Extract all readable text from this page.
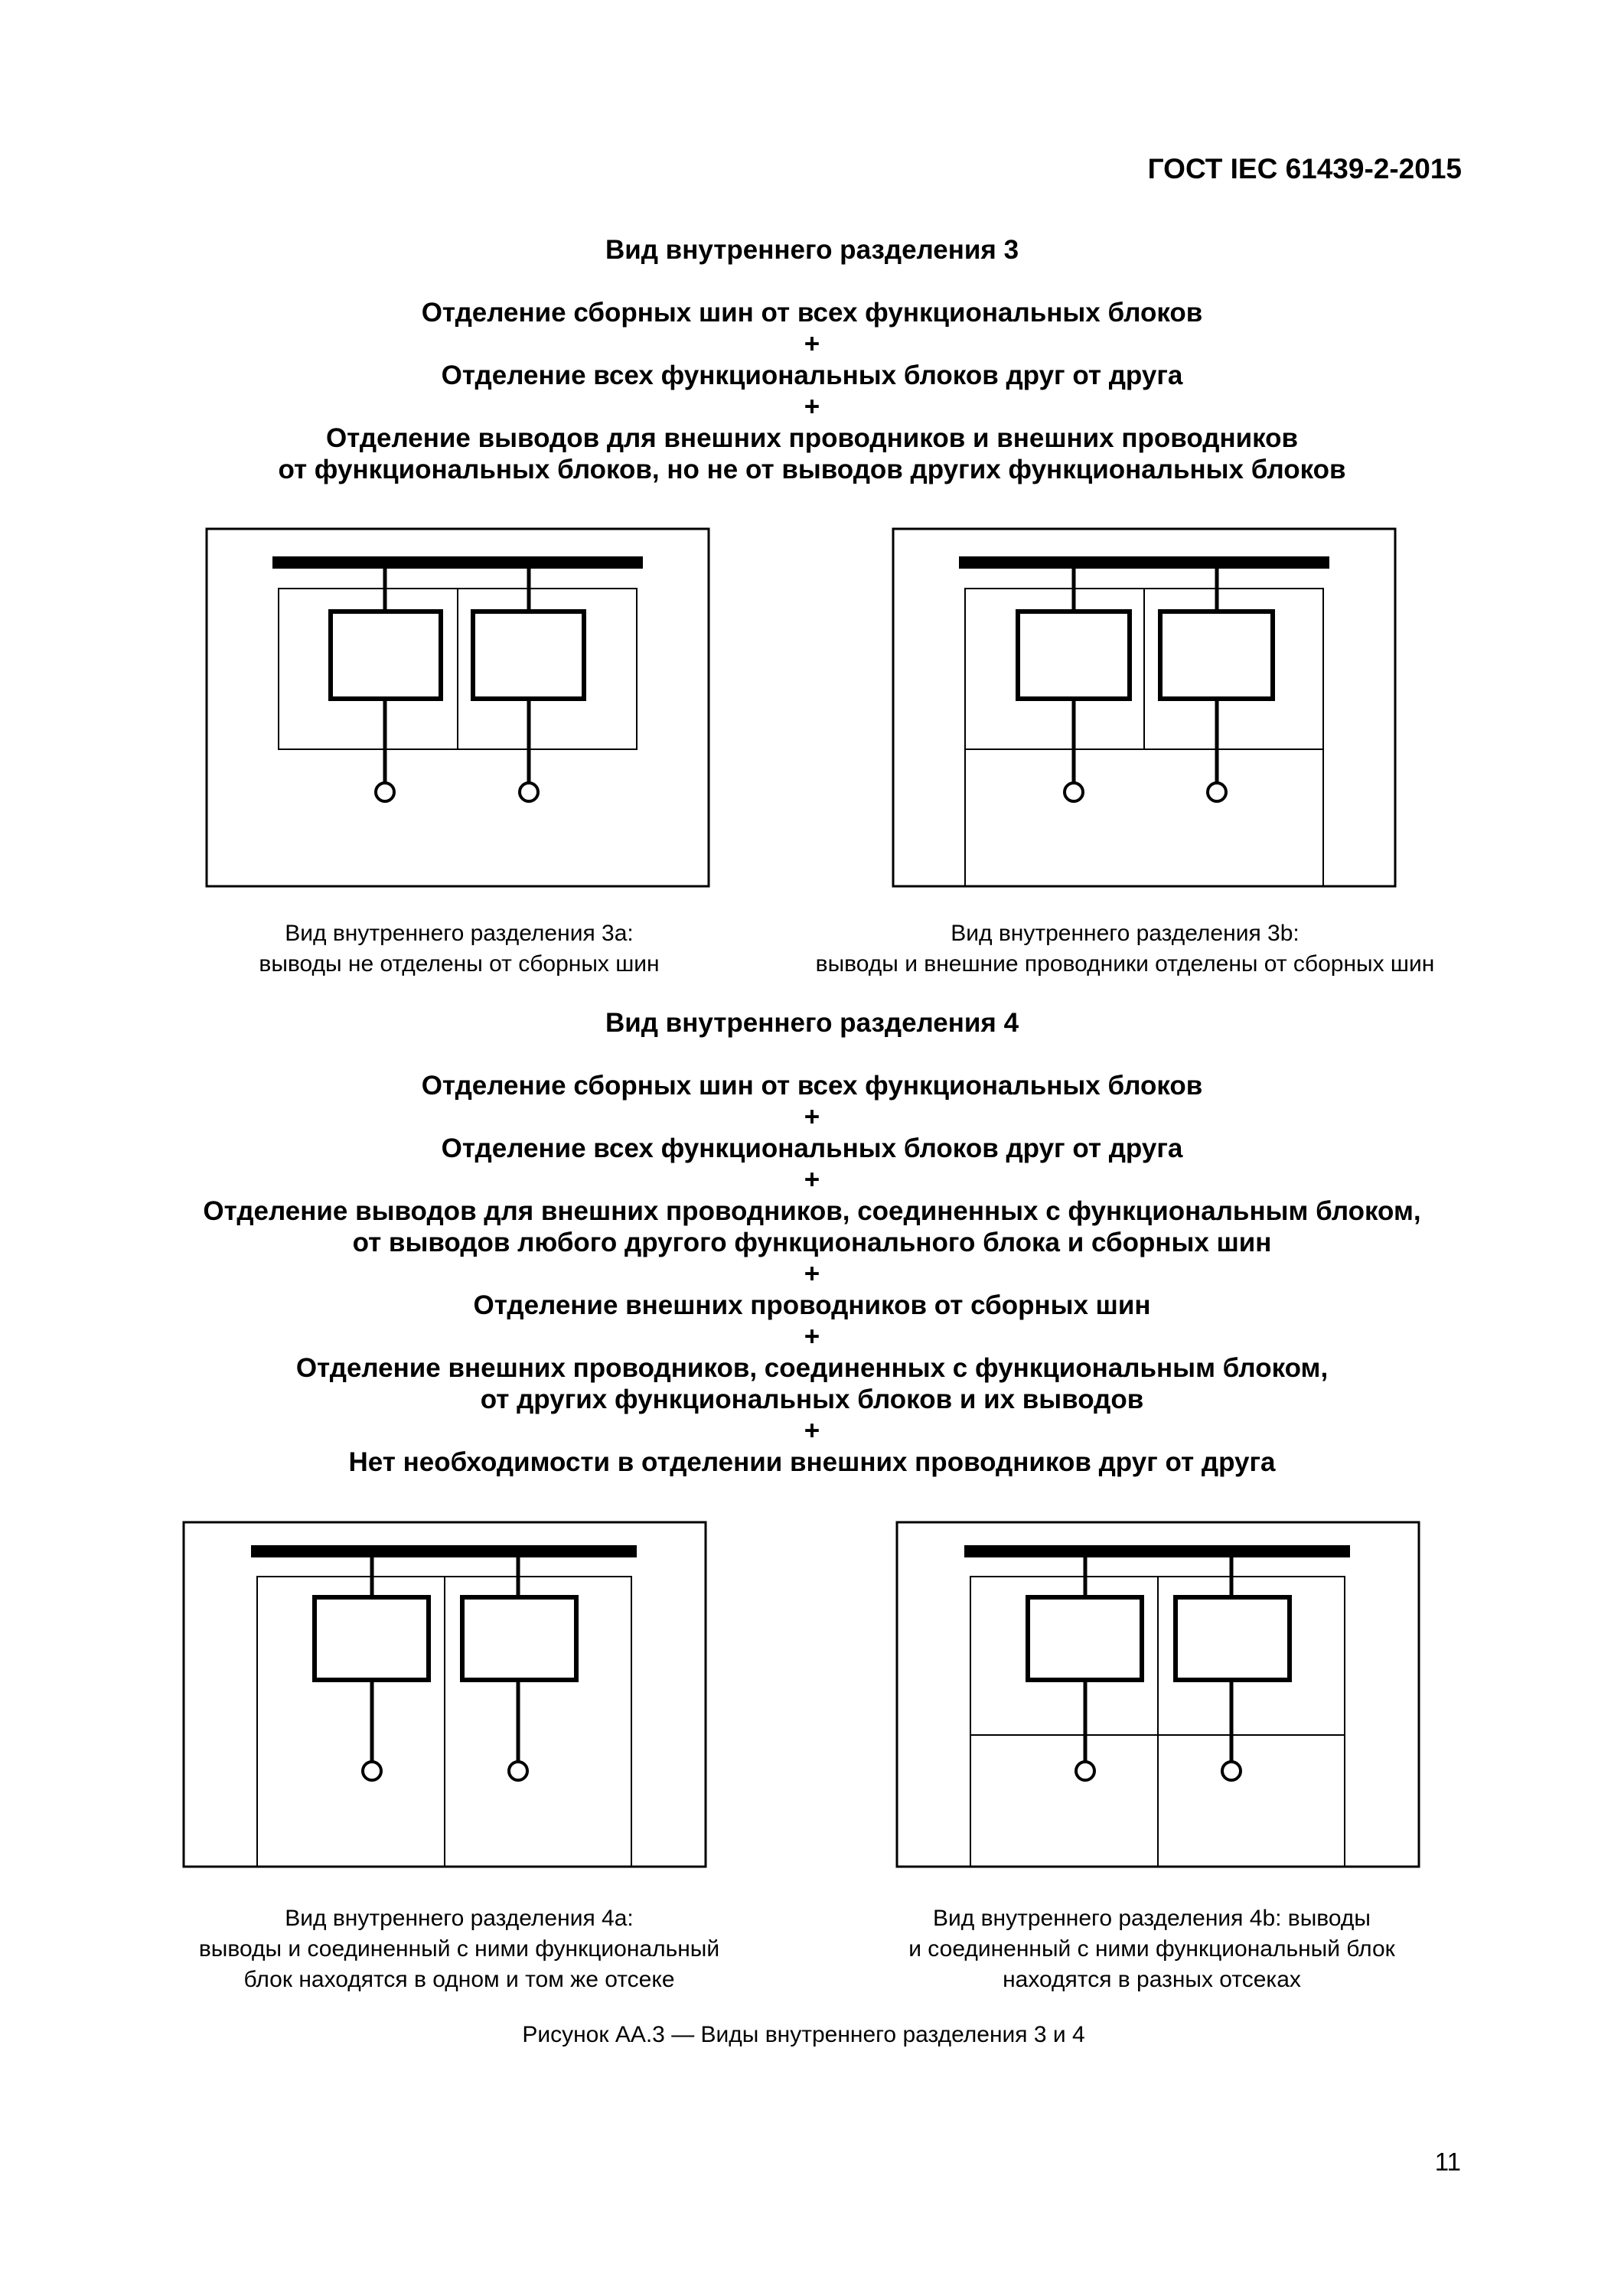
ГОСТ IEC 61439-2-2015
Вид внутреннего разделения 3
Отделение сборных шин от всех функциональных блоков
+
Отделение всех функциональных блоков друг от друга
+
Отделение выводов для внешних проводников и внешних проводников
от функциональных блоков, но не от выводов других функциональных блоков
Вид внутреннего разделения 3а:
выводы не отделены от сборных шин
Вид внутреннего разделения 3b:
выводы и внешние проводники отделены от сборных шин
Вид внутреннего разделения 4
Отделение сборных шин от всех функциональных блоков
+
Отделение всех функциональных блоков друг от друга
+
Отделение выводов для внешних проводников, соединенных с функциональным блоком,
от выводов любого другого функционального блока и сборных шин
+
Отделение внешних проводников от сборных шин
+
Отделение внешних проводников, соединенных с функциональным блоком,
от других функциональных блоков и их выводов
+
Нет необходимости в отделении внешних проводников друг от друга
Вид внутреннего разделения 4а:
выводы и соединенный с ними функциональный
блок находятся в одном и том же отсеке
Вид внутреннего разделения 4b: выводы
и соединенный с ними функциональный блок
находятся в разных отсеках
Рисунок АА.3 — Виды внутреннего разделения 3 и 4
11
